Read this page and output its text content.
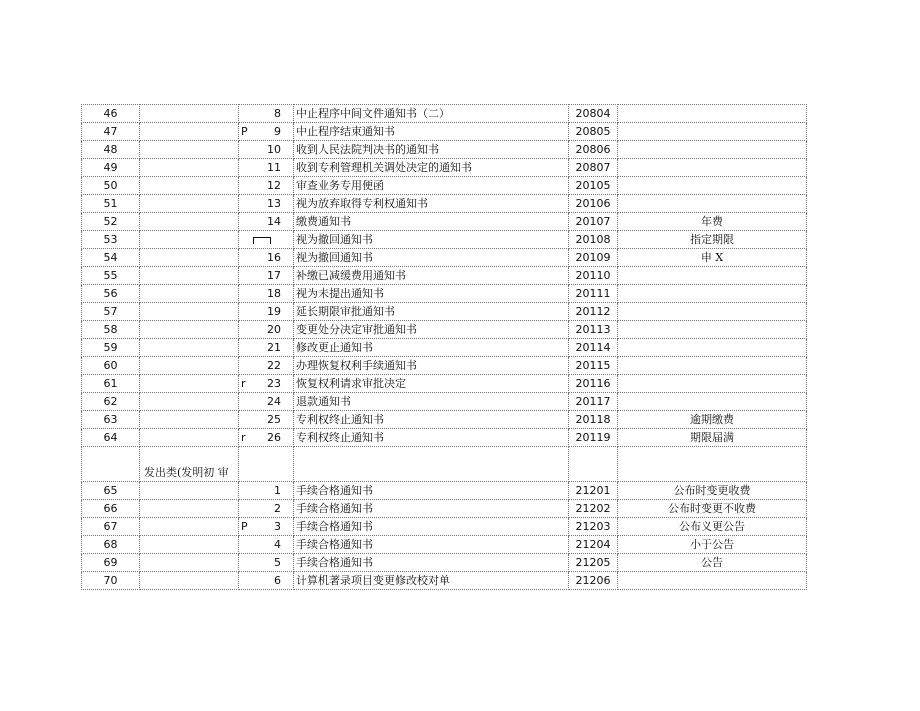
46		8	中止程序中间文件通知书（二）	20804	
47		P 9	中止程序结束通知书	20805	
48		10	收到人民法院判决书的通知书	20806	
49		11	收到专利管理机关调处决定的通知书	20807	
50		12	审查业务专用便函	20105	
51		13	视为放弃取得专利权通知书	20106	
52		14	缴费通知书	20107	年费
53			视为撤回通知书	20108	指定期限
54		16	视为撤回通知书	20109	申 X
55		17	补缴已减缓费用通知书	20110	
56		18	视为未提出通知书	20111	
57		19	延长期限审批通知书	20112	
58		20	变更处分决定审批通知书	20113	
59		21	修改更止通知书	20114	
60		22	办理恢复权利手续通知书	20115	
61		r 23	恢复权利请求审批决定	20116	
62		24	退款通知书	20117	
63		25	专利权终止通知书	20118	逾期缴费
64		r 26	专利权终止通知书	20119	期限届满
	发出类(发明初 审				
65		1	手续合格通知书	21201	公布时变更收费
66		2	手续合格通知书	21202	公布时变更不收费
67		P 3	手续合格通知书	21203	公布义更公告
68		4	手续合格通知书	21204	小于公告
69		5	手续合格通知书	21205	公告
70		6	计算机著录项目变更修改校对单	21206	
